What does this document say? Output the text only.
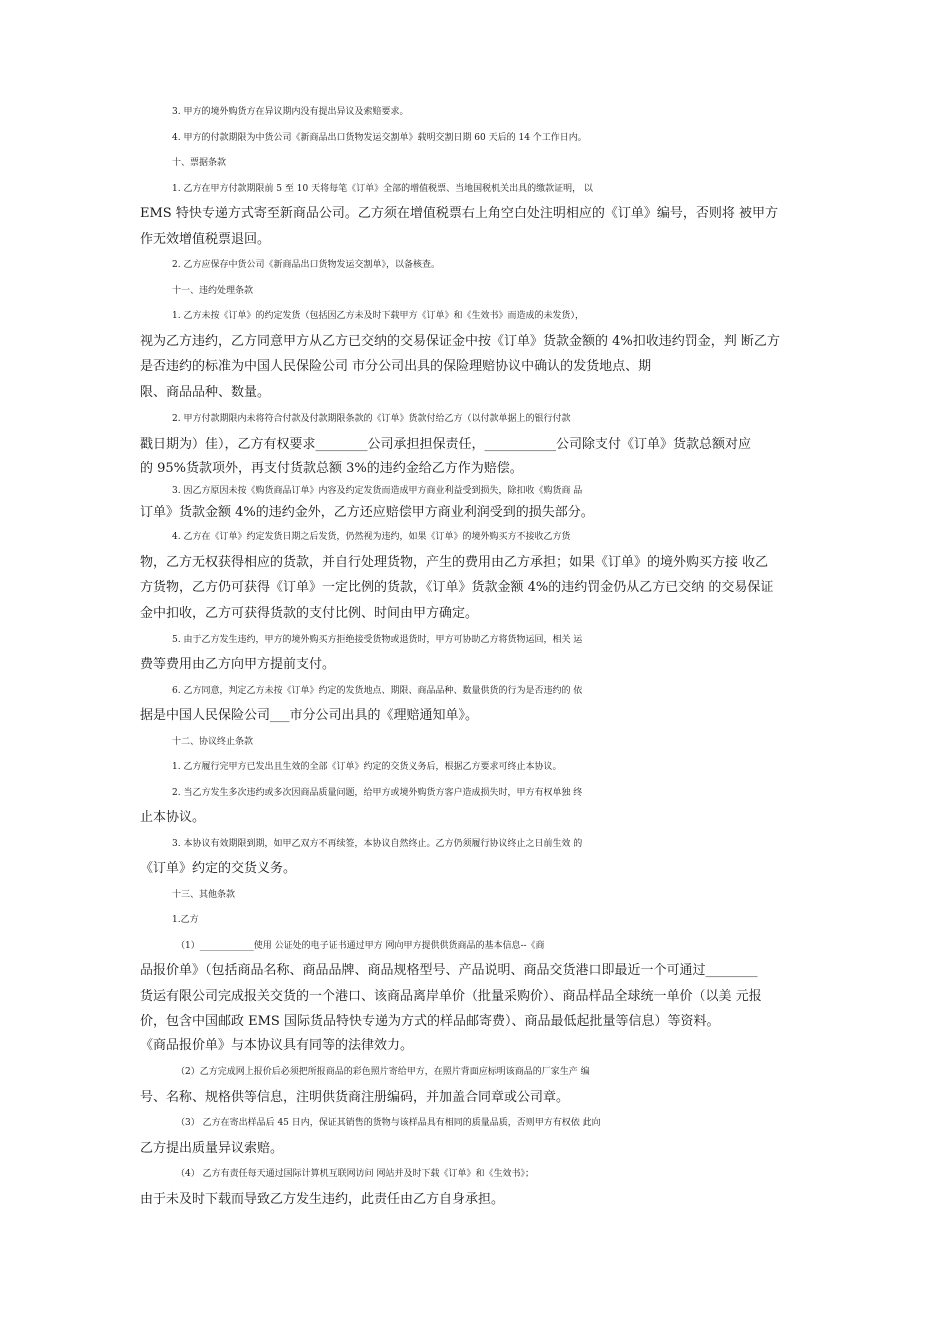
3. 甲方的境外购货方在异议期内没有提出异议及索赔要求。
4. 甲方的付款期限为中货公司《新商品出口货物发运交割单》载明交割日期 60 天后的 14 个工作日内。
十、票据条款
1. 乙方在甲方付款期限前 5 至 10 天将每笔《订单》全部的增值税票、当地国税机关出具的缴款证明， 以
EMS 特快专递方式寄至新商品公司。乙方须在增值税票右上角空白处注明相应的《订单》编号，否则将 被甲方
作无效增值税票退回。
2. 乙方应保存中货公司《新商品出口货物发运交割单》，以备核查。
十一、违约处理条款
1. 乙方未按《订单》的约定发货（包括因乙方未及时下载甲方《订单》和《生效书》而造成的未发货），
视为乙方违约，乙方同意甲方从乙方已交纳的交易保证金中按《订单》货款金额的 4%扣收违约罚金，判 断乙方
是否违约的标准为中国人民保险公司 市分公司出具的保险理赔协议中确认的发货地点、期
限、商品品种、数量。
2. 甲方付款期限内未将符合付款及付款期限条款的《订单》货款付给乙方（以付款单据上的银行付款
戳日期为）佳），乙方有权要求________公司承担担保责任，___________公司除支付《订单》货款总额对应
的 95%货款项外，再支付货款总额 3%的违约金给乙方作为赔偿。
3. 因乙方原因未按《购货商品订单》内容及约定发货而造成甲方商业利益受到损失，除扣收《购货商 品
订单》货款金额 4%的违约金外，乙方还应赔偿甲方商业利润受到的损失部分。
4. 乙方在《订单》约定发货日期之后发货，仍然视为违约，如果《订单》的境外购买方不接收乙方货
物，乙方无权获得相应的货款，并自行处理货物，产生的费用由乙方承担；如果《订单》的境外购买方接 收乙
方货物，乙方仍可获得《订单》一定比例的货款，《订单》货款金额 4%的违约罚金仍从乙方已交纳 的交易保证
金中扣收，乙方可获得货款的支付比例、时间由甲方确定。
5. 由于乙方发生违约，甲方的境外购买方拒绝接受货物或退货时，甲方可协助乙方将货物运回，相关 运
费等费用由乙方向甲方提前支付。
6. 乙方同意，判定乙方未按《订单》约定的发货地点、期限、商品品种、数量供货的行为是否违约的 依
据是中国人民保险公司___市分公司出具的《理赔通知单》。
十二、协议终止条款
1. 乙方履行完甲方已发出且生效的全部《订单》约定的交货义务后，根据乙方要求可终止本协议。
2. 当乙方发生多次违约或多次因商品质量问题，给甲方或境外购货方客户造成损失时，甲方有权单独 终
止本协议。
3. 本协议有效期限到期，如甲乙双方不再续签，本协议自然终止。乙方仍须履行协议终止之日前生效 的
《订单》约定的交货义务。
十三、其他条款
1.乙方
（1）____________使用 公证处的电子证书通过甲方 网向甲方提供供货商品的基本信息--《商
品报价单》（包括商品名称、商品品牌、商品规格型号、产品说明、商品交货港口即最近一个可通过________
货运有限公司完成报关交货的一个港口、该商品离岸单价（批量采购价）、商品样品全球统一单价（以美 元报
价，包含中国邮政 EMS 国际货品特快专递为方式的样品邮寄费）、商品最低起批量等信息）等资料。
《商品报价单》与本协议具有同等的法律效力。
（2）乙方完成网上报价后必须把所报商品的彩色照片寄给甲方，在照片背面应标明该商品的厂家生产 编
号、名称、规格供等信息，注明供货商注册编码，并加盖合同章或公司章。
（3） 乙方在寄出样品后 45 日内，保证其销售的货物与该样品具有相同的质量品质，否则甲方有权依 此向
乙方提出质量异议索赔。
（4） 乙方有责任每天通过国际计算机互联网访问 网站并及时下载《订单》和《生效书》；
由于未及时下载而导致乙方发生违约，此责任由乙方自身承担。
